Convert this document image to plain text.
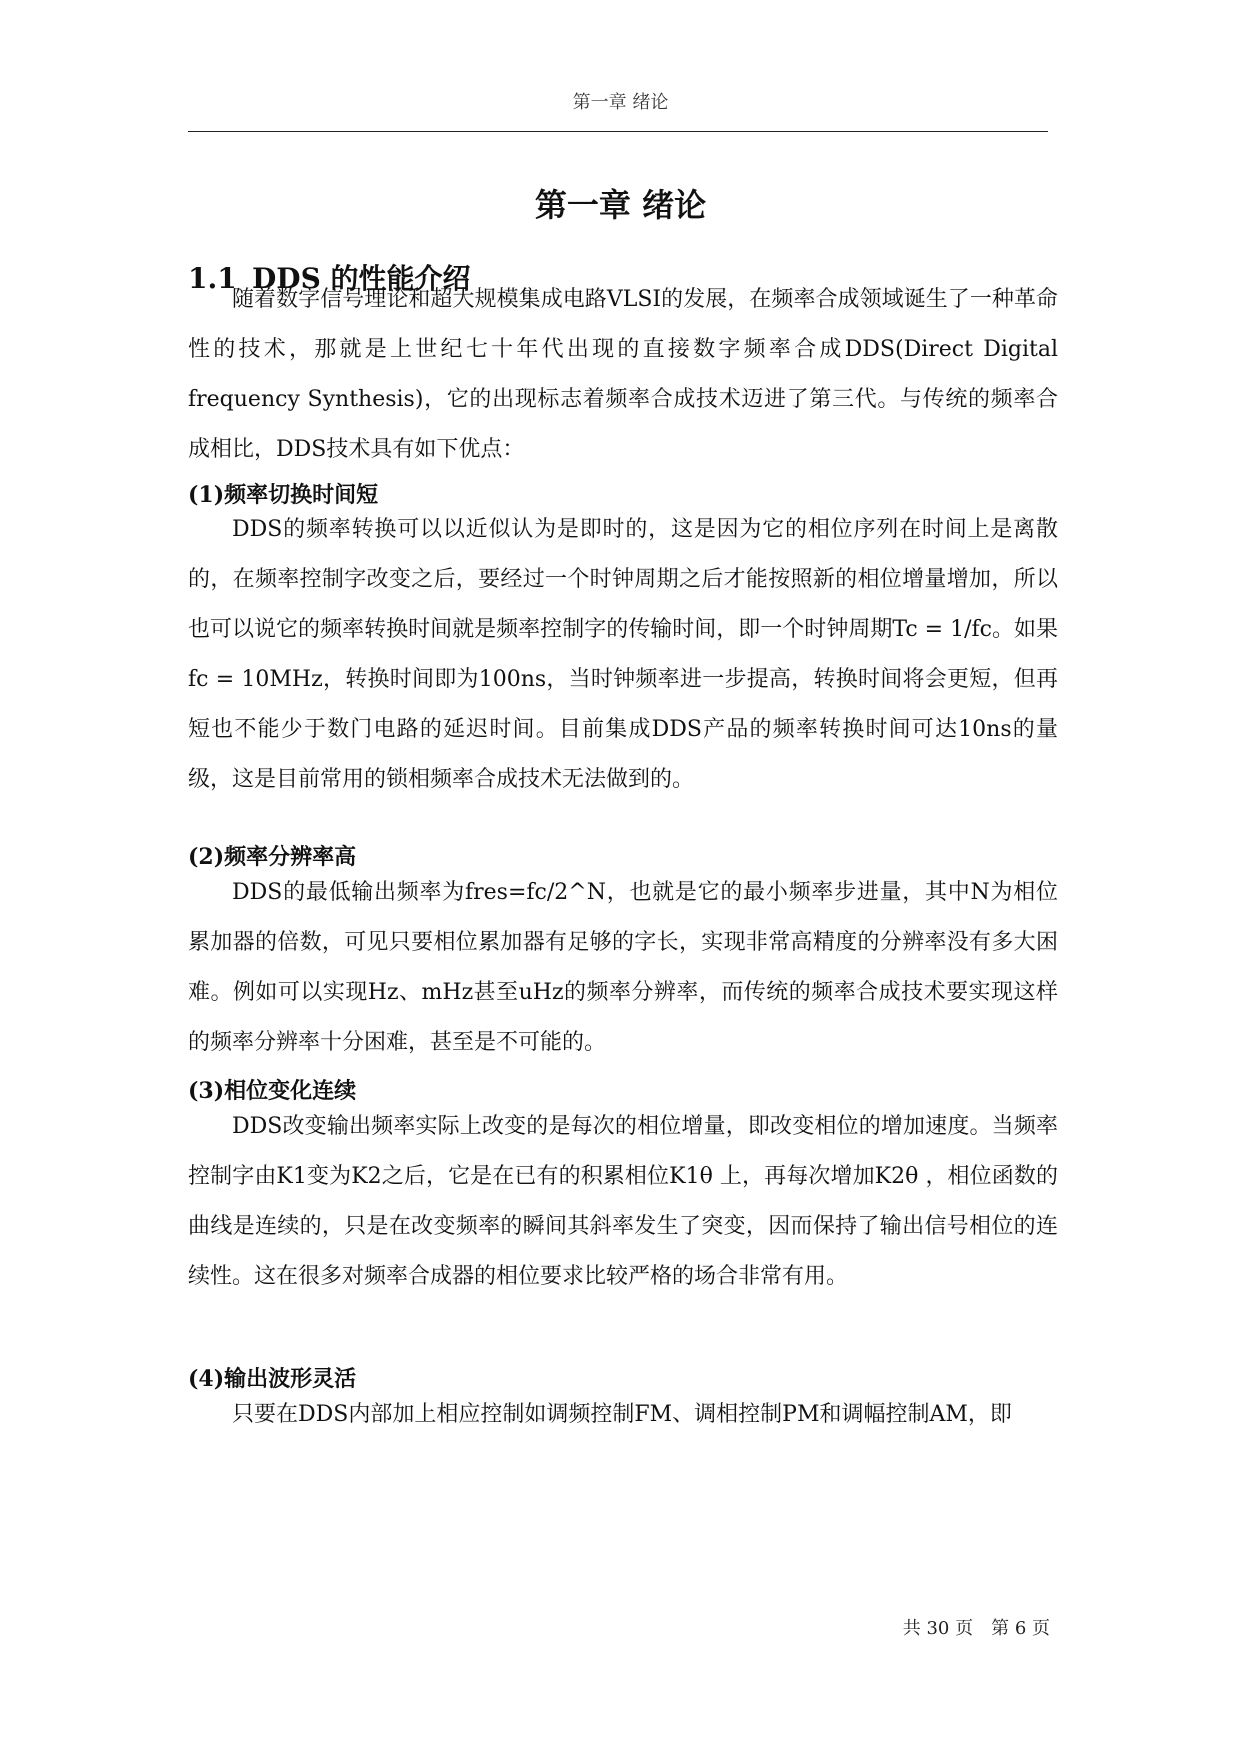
第一章 绪论
第一章 绪论
1.1 DDS 的性能介绍

随着数字信号理论和超大规模集成电路VLSI的发展，在频率合成领域诞生了一种革命性的技术，那就是上世纪七十年代出现的直接数字频率合成DDS(Direct Digital frequency Synthesis)，它的出现标志着频率合成技术迈进了第三代。与传统的频率合成相比，DDS技术具有如下优点：

(1)频率切换时间短

DDS的频率转换可以以近似认为是即时的，这是因为它的相位序列在时间上是离散的，在频率控制字改变之后，要经过一个时钟周期之后才能按照新的相位增量增加，所以也可以说它的频率转换时间就是频率控制字的传输时间，即一个时钟周期Tc = 1/fc。如果fc = 10MHz，转换时间即为100ns，当时钟频率进一步提高，转换时间将会更短，但再短也不能少于数门电路的延迟时间。目前集成DDS产品的频率转换时间可达10ns的量级，这是目前常用的锁相频率合成技术无法做到的。

(2)频率分辨率高

DDS的最低输出频率为fres=fc/2^N，也就是它的最小频率步进量，其中N为相位累加器的倍数，可见只要相位累加器有足够的字长，实现非常高精度的分辨率没有多大困难。例如可以实现Hz、mHz甚至uHz的频率分辨率，而传统的频率合成技术要实现这样的频率分辨率十分困难，甚至是不可能的。

(3)相位变化连续

DDS改变输出频率实际上改变的是每次的相位增量，即改变相位的增加速度。当频率控制字由K1变为K2之后，它是在已有的积累相位K1θ 上，再每次增加K2θ ，相位函数的曲线是连续的，只是在改变频率的瞬间其斜率发生了突变，因而保持了输出信号相位的连续性。这在很多对频率合成器的相位要求比较严格的场合非常有用。

(4)输出波形灵活

只要在DDS内部加上相应控制如调频控制FM、调相控制PM和调幅控制AM，即

共 30 页　第 6 页
